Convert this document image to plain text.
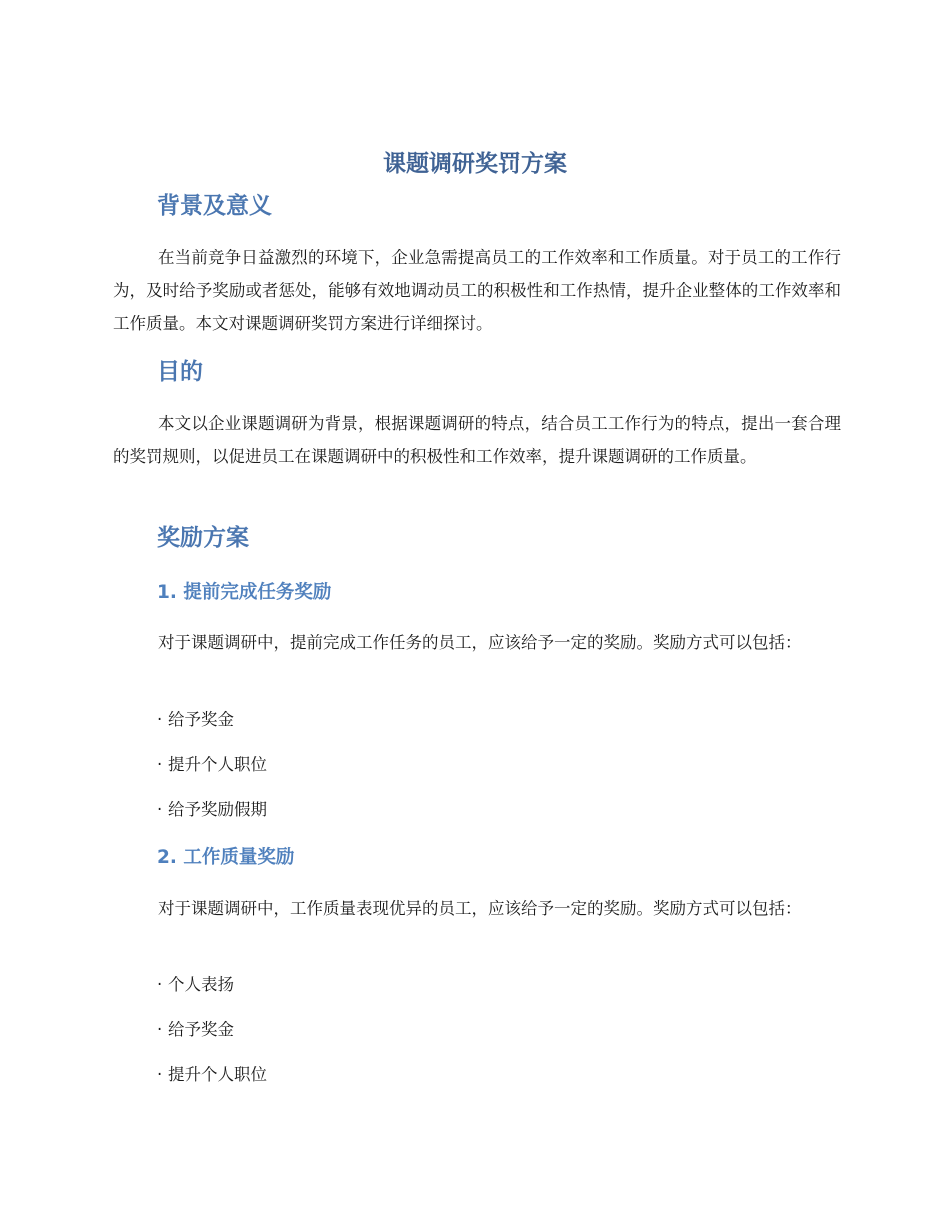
课题调研奖罚方案
背景及意义

在当前竞争日益激烈的环境下，企业急需提高员工的工作效率和工作质量。对于员工的工作行为，及时给予奖励或者惩处，能够有效地调动员工的积极性和工作热情，提升企业整体的工作效率和工作质量。本文对课题调研奖罚方案进行详细探讨。

目的

本文以企业课题调研为背景，根据课题调研的特点，结合员工工作行为的特点，提出一套合理的奖罚规则，以促进员工在课题调研中的积极性和工作效率，提升课题调研的工作质量。

奖励方案
1. 提前完成任务奖励

对于课题调研中，提前完成工作任务的员工，应该给予一定的奖励。奖励方式可以包括：

· 给予奖金
· 提升个人职位
· 给予奖励假期
2. 工作质量奖励

对于课题调研中，工作质量表现优异的员工，应该给予一定的奖励。奖励方式可以包括：

· 个人表扬
· 给予奖金
· 提升个人职位
